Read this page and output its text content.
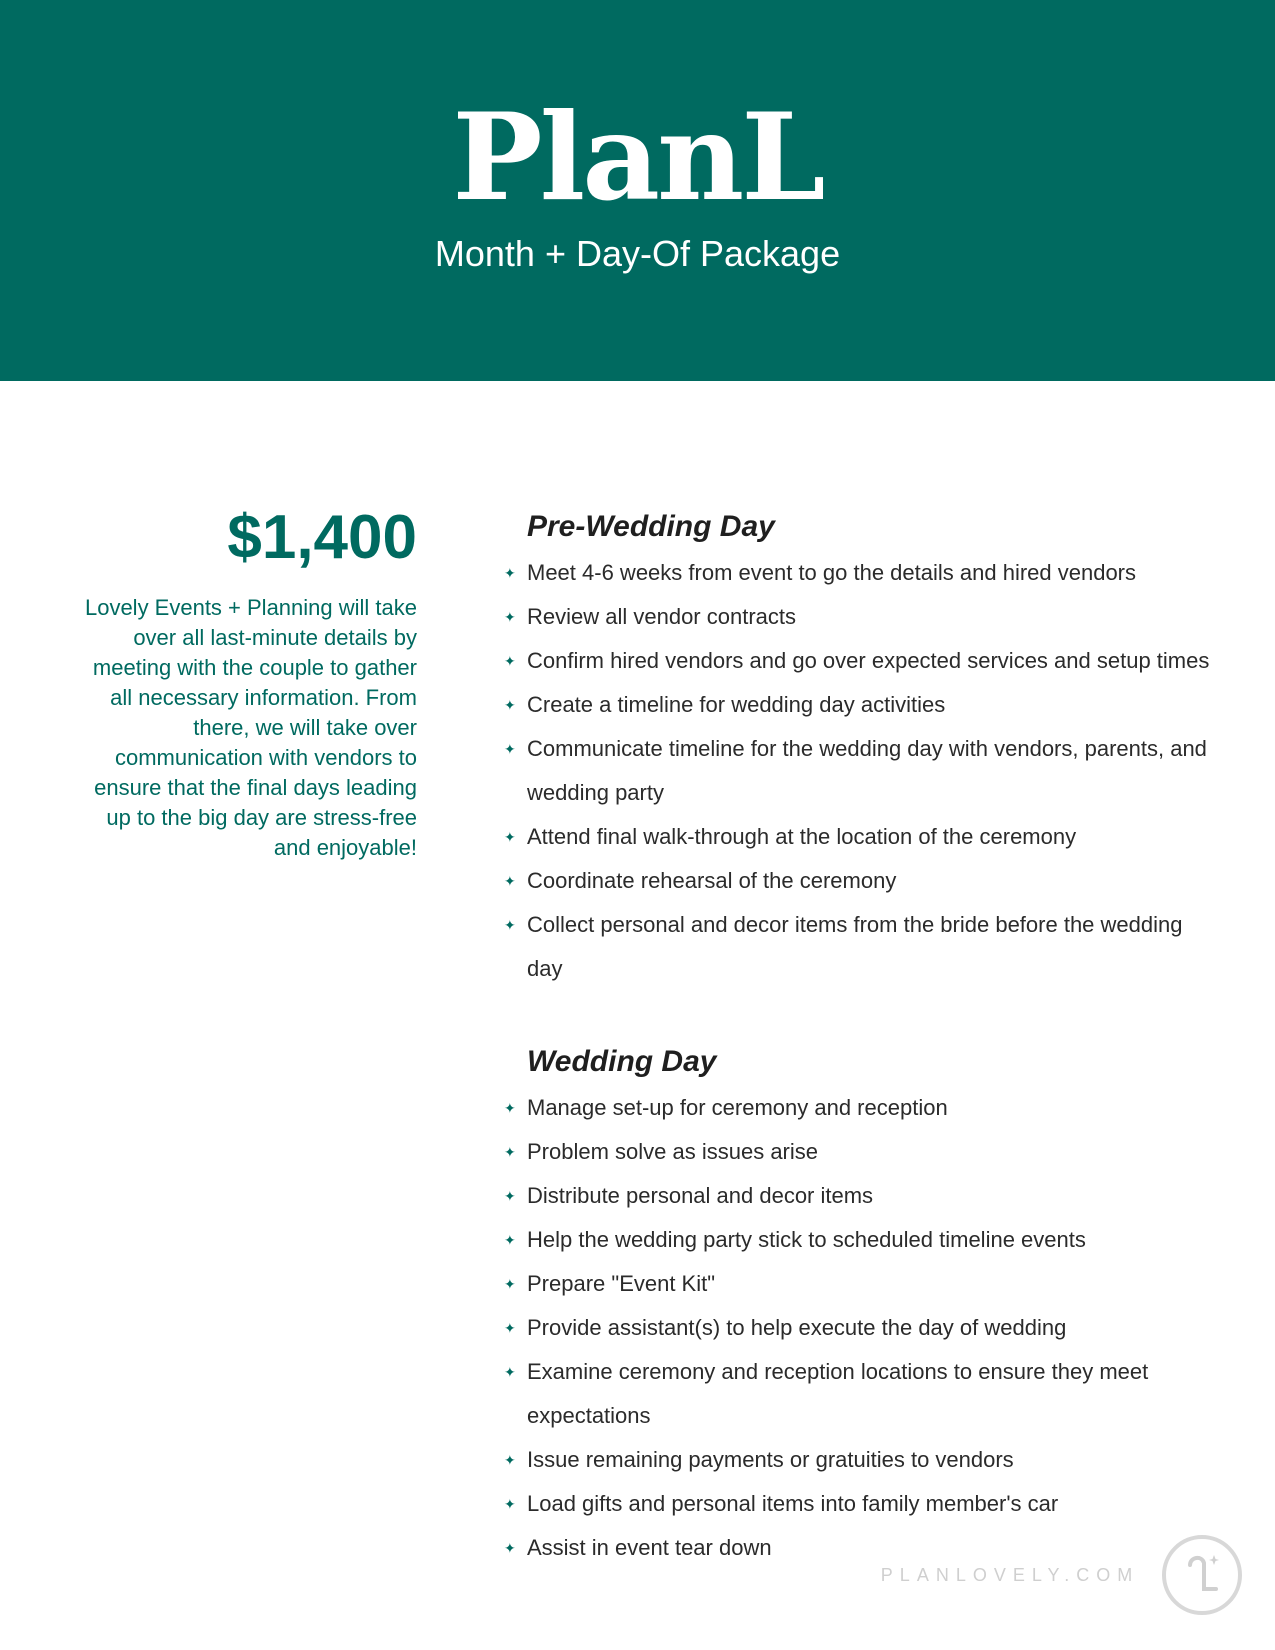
PlanL
Month + Day-Of Package
$1,400

Lovely Events + Planning will take over all last-minute details by meeting with the couple to gather all necessary information. From there, we will take over communication with vendors to ensure that the final days leading up to the big day are stress-free and enjoyable!

Pre-Wedding Day
✦ Meet 4-6 weeks from event to go the details and hired vendors
✦ Review all vendor contracts
✦ Confirm hired vendors and go over expected services and setup times
✦ Create a timeline for wedding day activities
✦ Communicate timeline for the wedding day with vendors, parents, and wedding party
✦ Attend final walk-through at the location of the ceremony
✦ Coordinate rehearsal of the ceremony
✦ Collect personal and decor items from the bride before the wedding day
Wedding Day
✦ Manage set-up for ceremony and reception
✦ Problem solve as issues arise
✦ Distribute personal and decor items
✦ Help the wedding party stick to scheduled timeline events
✦ Prepare "Event Kit"
✦ Provide assistant(s) to help execute the day of wedding
✦ Examine ceremony and reception locations to ensure they meet expectations
✦ Issue remaining payments or gratuities to vendors
✦ Load gifts and personal items into family member's car
✦ Assist in event tear down
PLANLOVELY.COM
